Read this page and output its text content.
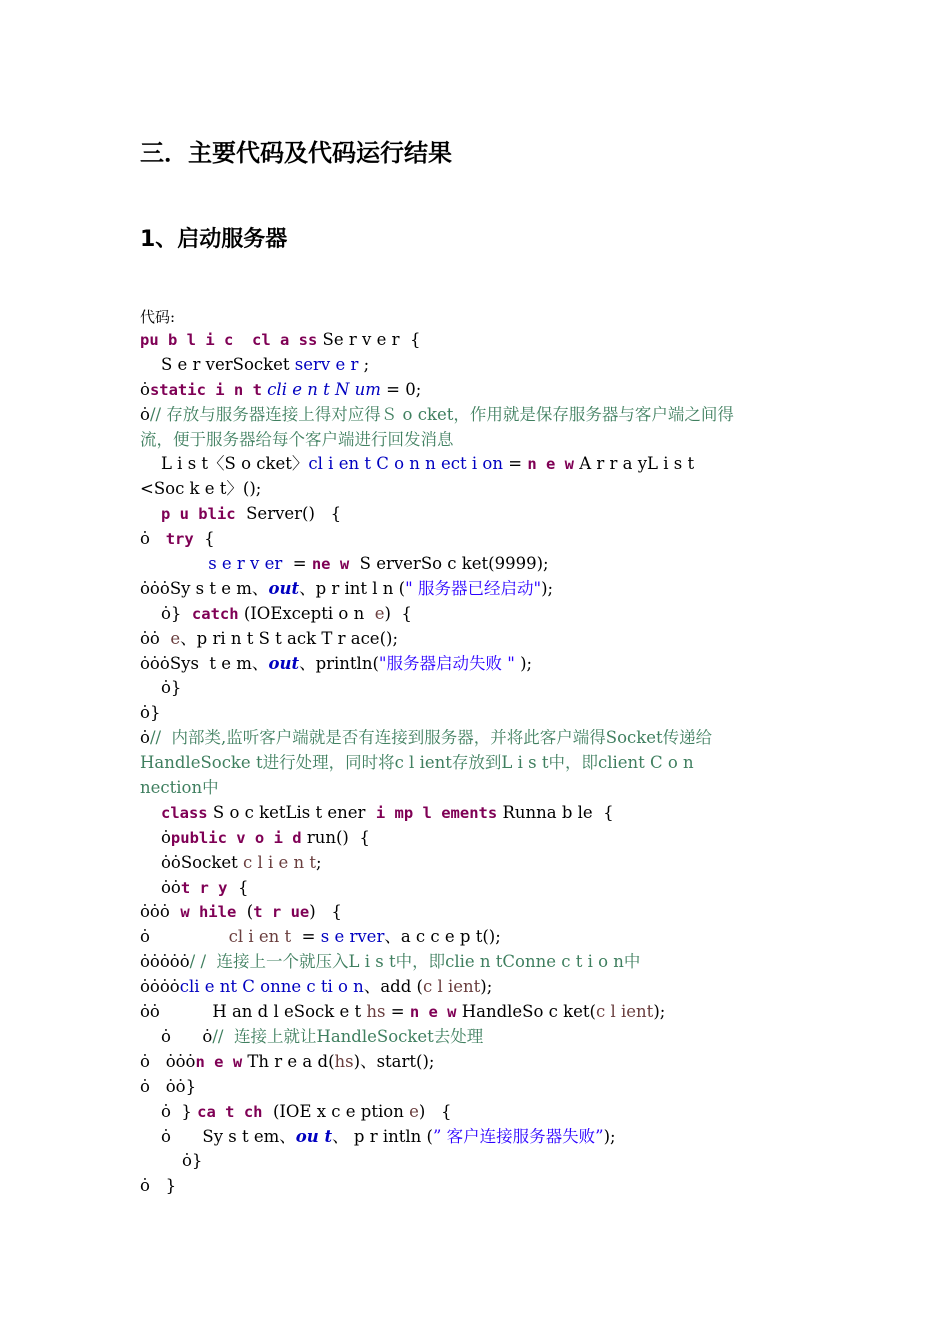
三．主要代码及代码运行结果
1、启动服务器
代码:
pu b l i c  cl a ss Se r v e r  {
S e r verSocket serv e r ;
ȯstatic i n t cli e n t N um = 0;
ȯ// 存放与服务器连接上得对应得Ｓ o cket，作用就是保存服务器与客户端之间得
流，便于服务器给每个客户端进行回发消息
L i s t〈S o cket〉cl i en t C o n n ect i on = n e w A r r a yL i s t
<Soc k e t〉();
p u blic  Server()   {
ȯ try  {
s e r v er  = ne w  S erverSo c ket(9999);
ȯȯȯSy s t e m、out、p r int l n (" 服务器已经启动");
ȯ}  catch (IOExcepti o n  e)  {
ȯȯ e、p ri n t S t ack T r ace();
ȯȯȯSys  t e m、out、println("服务器启动失败 " );
ȯ}
ȯ}
ȯ//  内部类,监听客户端就是否有连接到服务器，并将此客户端得Socket传递给
HandleSocke t进行处理，同时将c l ient存放到L i s t中，即client C o n
nection中
class S o c ketLis t ener  i mp l ements Runna b le  {
ȯpublic v o i d run()  {
ȯȯSocket c l i e n t;
ȯȯt r y  {
ȯȯȯ w hile  (t r ue)   {
ȯ	cl i en t  = s e rver、a c c e p t();
ȯȯȯȯȯ/ /  连接上一个就压入L i s t中，即clie n tConne c t i o n中
ȯȯȯȯcli e nt C onne c ti o n、add (c l ient);
ȯȯ          H an d l eSock e t hs = n e w HandleSo c ket(c l ient);
ȯ ȯ//  连接上就让HandleSocket去处理
ȯ ȯȯȯn e w Th r e a d(hs)、start();
ȯ ȯȯ}
ȯ  } ca t ch  (IOE x c e ption e)   {
ȯ      Sy s t em、ou t、 p r intln (” 客户连接服务器失败”);
ȯ}
ȯ   }
